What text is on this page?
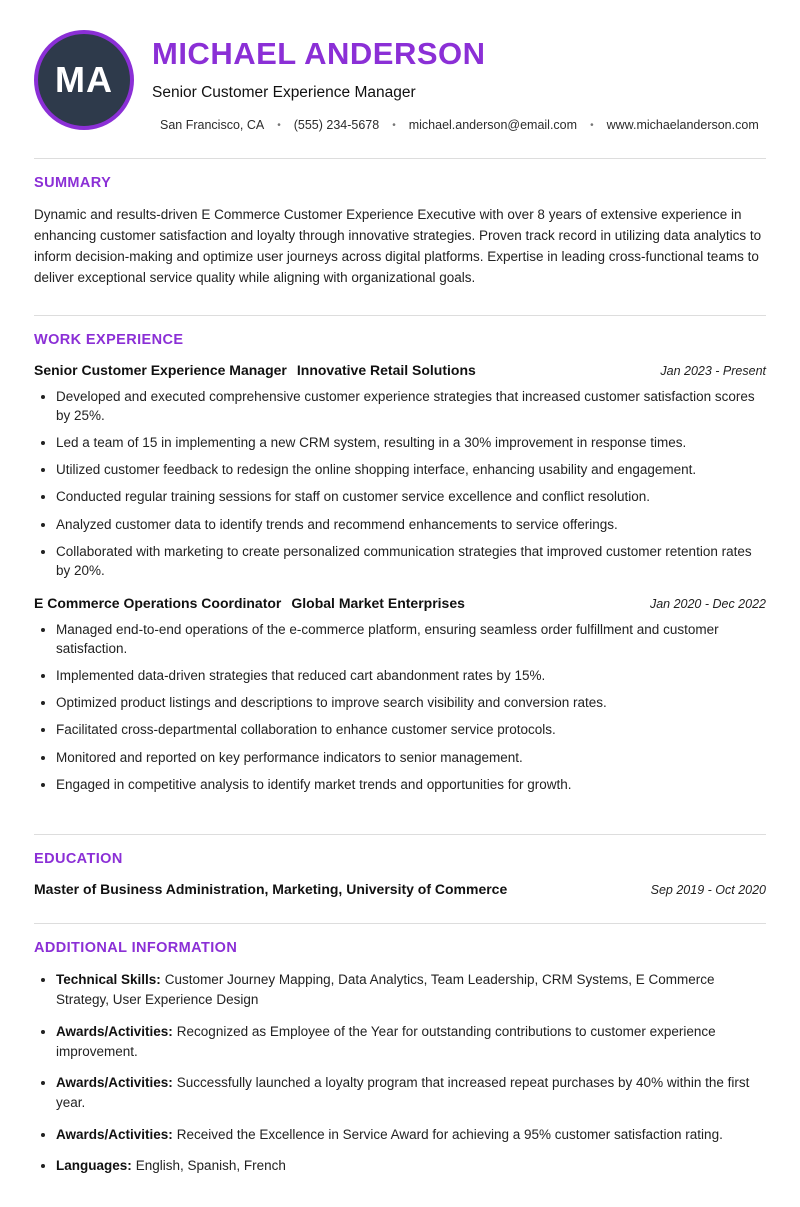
MA
MICHAEL ANDERSON

Senior Customer Experience Manager

San Francisco, CA • (555) 234-5678 • michael.anderson@email.com • www.michaelanderson.com
SUMMARY

Dynamic and results-driven E Commerce Customer Experience Executive with over 8 years of extensive experience in enhancing customer satisfaction and loyalty through innovative strategies. Proven track record in utilizing data analytics to inform decision-making and optimize user journeys across digital platforms. Expertise in leading cross-functional teams to deliver exceptional service quality while aligning with organizational goals.

WORK EXPERIENCE
Senior Customer Experience Manager Innovative Retail Solutions	Jan 2023 - Present
• Developed and executed comprehensive customer experience strategies that increased customer satisfaction scores by 25%.
• Led a team of 15 in implementing a new CRM system, resulting in a 30% improvement in response times.
• Utilized customer feedback to redesign the online shopping interface, enhancing usability and engagement.
• Conducted regular training sessions for staff on customer service excellence and conflict resolution.
• Analyzed customer data to identify trends and recommend enhancements to service offerings.
• Collaborated with marketing to create personalized communication strategies that improved customer retention rates by 20%.
E Commerce Operations Coordinator Global Market Enterprises	Jan 2020 - Dec 2022
• Managed end-to-end operations of the e-commerce platform, ensuring seamless order fulfillment and customer satisfaction.
• Implemented data-driven strategies that reduced cart abandonment rates by 15%.
• Optimized product listings and descriptions to improve search visibility and conversion rates.
• Facilitated cross-departmental collaboration to enhance customer service protocols.
• Monitored and reported on key performance indicators to senior management.
• Engaged in competitive analysis to identify market trends and opportunities for growth.
EDUCATION
Master of Business Administration, Marketing, University of Commerce	Sep 2019 - Oct 2020
ADDITIONAL INFORMATION
• Technical Skills: Customer Journey Mapping, Data Analytics, Team Leadership, CRM Systems, E Commerce Strategy, User Experience Design
• Awards/Activities: Recognized as Employee of the Year for outstanding contributions to customer experience improvement.
• Awards/Activities: Successfully launched a loyalty program that increased repeat purchases by 40% within the first year.
• Awards/Activities: Received the Excellence in Service Award for achieving a 95% customer satisfaction rating.
• Languages: English, Spanish, French
